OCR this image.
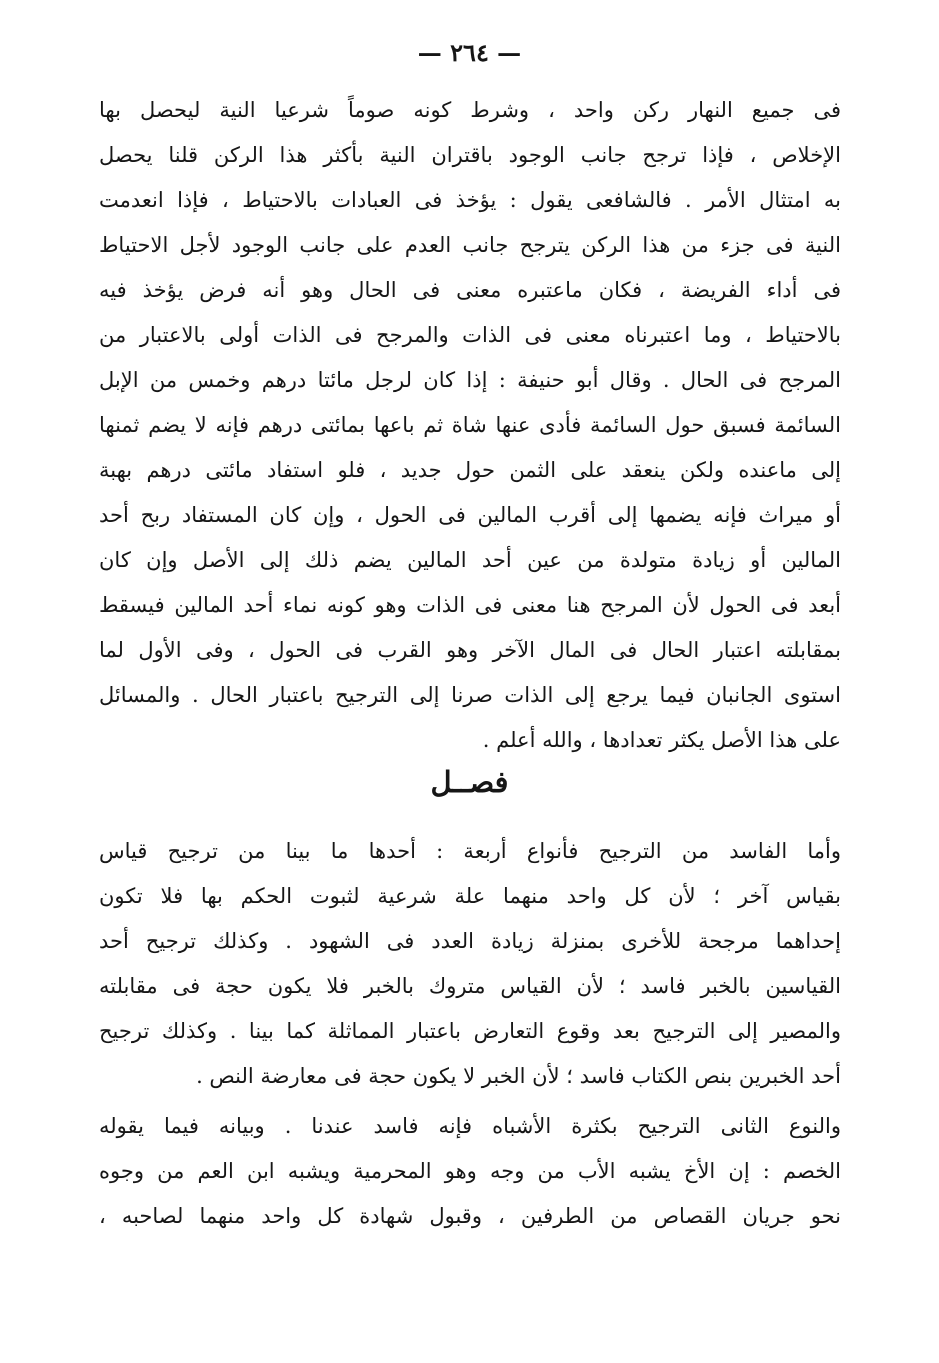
— ٢٦٤ —
فى جميع النهار ركن واحد ، وشرط كونه صوماً شرعيا النية ليحصل بها
الإخلاص ، فإذا ترجح جانب الوجود باقتران النية بأكثر هذا الركن قلنا يحصل
به امتثال الأمر . فالشافعى يقول : يؤخذ فى العبادات بالاحتياط ، فإذا انعدمت
النية فى جزء من هذا الركن يترجح جانب العدم على جانب الوجود لأجل الاحتياط
فى أداء الفريضة ، فكان ماعتبره معنى فى الحال وهو أنه فرض يؤخذ فيه
بالاحتياط ، وما اعتبرناه معنى فى الذات والمرجح فى الذات أولى بالاعتبار من
المرجح فى الحال . وقال أبو حنيفة : إذا كان لرجل مائتا درهم وخمس من الإبل
السائمة فسبق حول السائمة فأدى عنها شاة ثم باعها بمائتى درهم فإنه لا يضم ثمنها
إلى ماعنده ولكن ينعقد على الثمن حول جديد ، فلو استفاد مائتى درهم بهبة
أو ميراث فإنه يضمها إلى أقرب المالين فى الحول ، وإن كان المستفاد ربح أحد
المالين أو زيادة متولدة من عين أحد المالين يضم ذلك إلى الأصل وإن كان
أبعد فى الحول لأن المرجح هنا معنى فى الذات وهو كونه نماء أحد المالين فيسقط
بمقابلته اعتبار الحال فى المال الآخر وهو القرب فى الحول ، وفى الأول لما
استوى الجانبان فيما يرجع إلى الذات صرنا إلى الترجيح باعتبار الحال . والمسائل
على هذا الأصل يكثر تعدادها ، والله أعلم .
فصــل
وأما الفاسد من الترجيح فأنواع أربعة : أحدها ما بينا من ترجيح قياس
بقياس آخر ؛ لأن كل واحد منهما علة شرعية لثبوت الحكم بها فلا تكون
إحداهما مرجحة للأخرى بمنزلة زيادة العدد فى الشهود . وكذلك ترجيح أحد
القياسين بالخبر فاسد ؛ لأن القياس متروك بالخبر فلا يكون حجة فى مقابلته
والمصير إلى الترجيح بعد وقوع التعارض باعتبار المماثلة كما بينا . وكذلك ترجيح
أحد الخبرين بنص الكتاب فاسد ؛ لأن الخبر لا يكون حجة فى معارضة النص .
والنوع الثانى الترجيح بكثرة الأشباه فإنه فاسد عندنا . وبيانه فيما يقوله
الخصم : إن الأخ يشبه الأب من وجه وهو المحرمية ويشبه ابن العم من وجوه
نحو جريان القصاص من الطرفين ، وقبول شهادة كل واحد منهما لصاحبه ،
